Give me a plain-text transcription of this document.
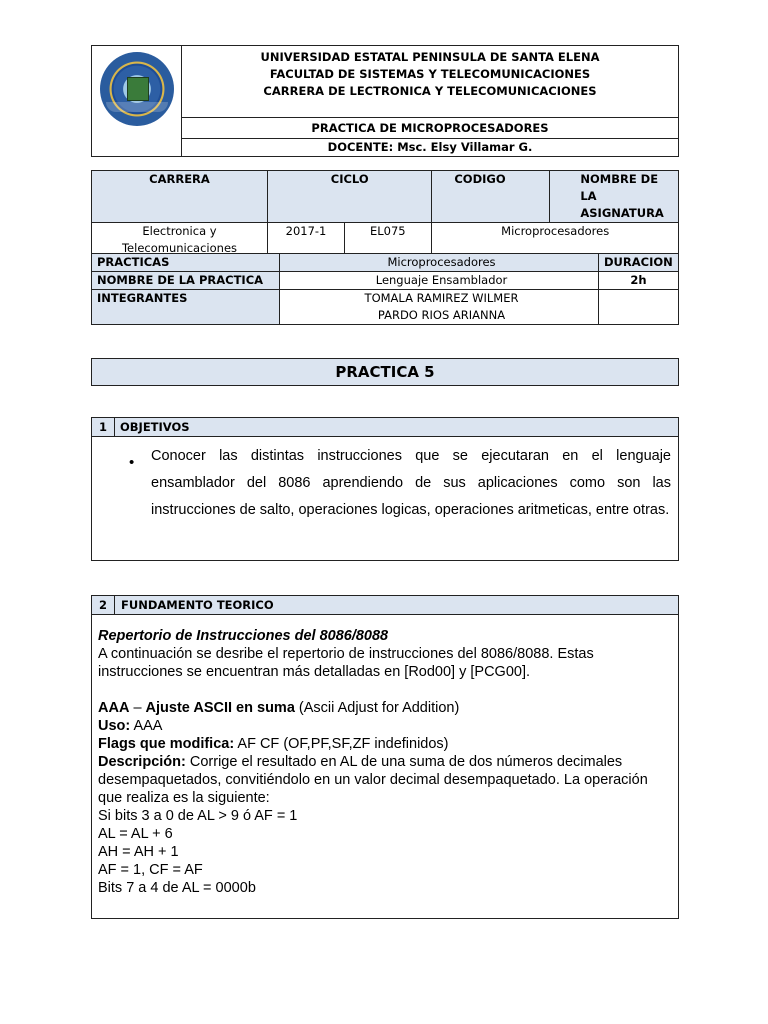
UNIVERSIDAD ESTATAL PENINSULA DE SANTA ELENA
FACULTAD DE SISTEMAS Y TELECOMUNICACIONES
CARRERA DE LECTRONICA Y TELECOMUNICACIONES

PRACTICA DE MICROPROCESADORES

DOCENTE: Msc. Elsy Villamar G.
CARRERA	CICLO		CODIGO	NOMBRE DE LA
ASIGNATURA

Electronica y
Telecomunicaciones	2017-1	EL075	Microprocesadores	
PRACTICAS	Microprocesadores	DURACION
NOMBRE DE LA PRACTICA	Lenguaje Ensamblador	2h
INTEGRANTES	TOMALA RAMIREZ WILMER
PARDO RIOS ARIANNA	

PRACTICA 5
1	OBJETIVOS
• Conocer las distintas instrucciones que se ejecutaran en el lenguaje ensamblador del 8086 aprendiendo de sus aplicaciones como son las instrucciones de salto, operaciones logicas, operaciones aritmeticas, entre otras.
2	FUNDAMENTO TEORICO

Repertorio de Instrucciones del 8086/8088

A continuación se desribe el repertorio de instrucciones del 8086/8088. Estas instrucciones se encuentran más detalladas en [Rod00] y [PCG00].

AAA – Ajuste ASCII en suma (Ascii Adjust for Addition)

Uso: AAA

Flags que modifica: AF CF (OF,PF,SF,ZF indefinidos)

Descripción: Corrige el resultado en AL de una suma de dos números decimales desempaquetados, convitiéndolo en un valor decimal desempaquetado. La operación que realiza es la siguiente:

Si bits 3 a 0 de AL > 9 ó AF = 1

AL = AL + 6

AH = AH + 1

AF = 1, CF = AF

Bits 7 a 4 de AL = 0000b
